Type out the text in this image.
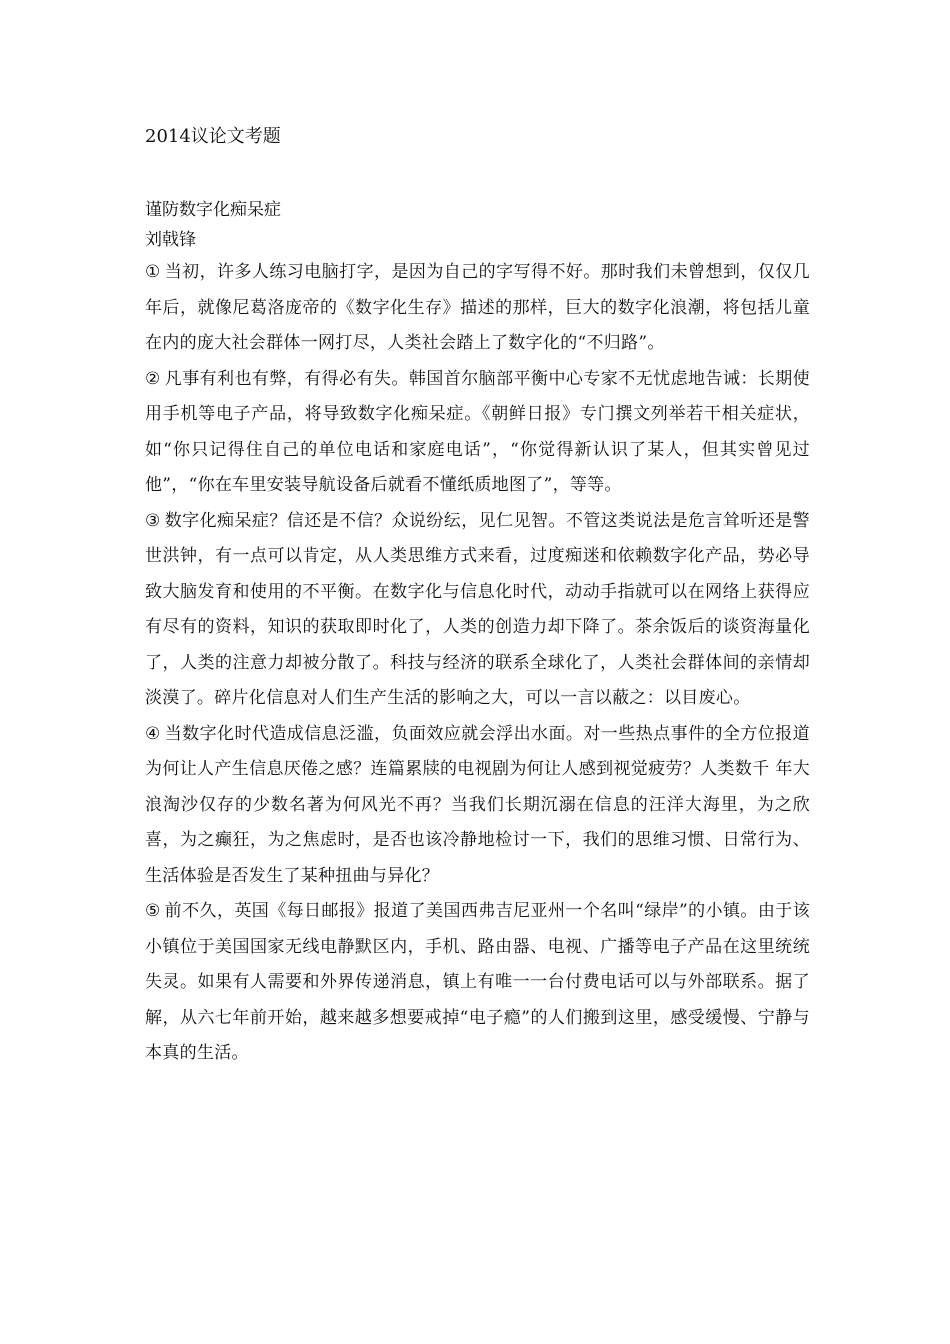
2014议论文考题

谨防数字化痴呆症

刘戟锋

① 当初，许多人练习电脑打字，是因为自己的字写得不好。那时我们未曾想到，仅仅几年后，就像尼葛洛庞帝的《数字化生存》描述的那样，巨大的数字化浪潮，将包括儿童在内的庞大社会群体一网打尽，人类社会踏上了数字化的“不归路”。

② 凡事有利也有弊，有得必有失。韩国首尔脑部平衡中心专家不无忧虑地告诫：长期使用手机等电子产品，将导致数字化痴呆症。《朝鲜日报》专门撰文列举若干相关症状，如“你只记得住自己的单位电话和家庭电话”，“你觉得新认识了某人，但其实曾见过他”，“你在车里安装导航设备后就看不懂纸质地图了”，等等。

③ 数字化痴呆症？信还是不信？众说纷纭，见仁见智。不管这类说法是危言耸听还是警世洪钟，有一点可以肯定，从人类思维方式来看，过度痴迷和依赖数字化产品，势必导致大脑发育和使用的不平衡。在数字化与信息化时代，动动手指就可以在网络上获得应有尽有的资料，知识的获取即时化了，人类的创造力却下降了。茶余饭后的谈资海量化了，人类的注意力却被分散了。科技与经济的联系全球化了，人类社会群体间的亲情却淡漠了。碎片化信息对人们生产生活的影响之大，可以一言以蔽之：以目废心。

④ 当数字化时代造成信息泛滥，负面效应就会浮出水面。对一些热点事件的全方位报道为何让人产生信息厌倦之感？连篇累牍的电视剧为何让人感到视觉疲劳？人类数千 年大浪淘沙仅存的少数名著为何风光不再？当我们长期沉溺在信息的汪洋大海里，为之欣喜，为之癫狂，为之焦虑时，是否也该冷静地检讨一下，我们的思维习惯、日常行为、生活体验是否发生了某种扭曲与异化？

⑤ 前不久，英国《每日邮报》报道了美国西弗吉尼亚州一个名叫“绿岸”的小镇。由于该小镇位于美国国家无线电静默区内，手机、路由器、电视、广播等电子产品在这里统统失灵。如果有人需要和外界传递消息，镇上有唯一一台付费电话可以与外部联系。据了解，从六七年前开始，越来越多想要戒掉“电子瘾”的人们搬到这里，感受缓慢、宁静与本真的生活。
